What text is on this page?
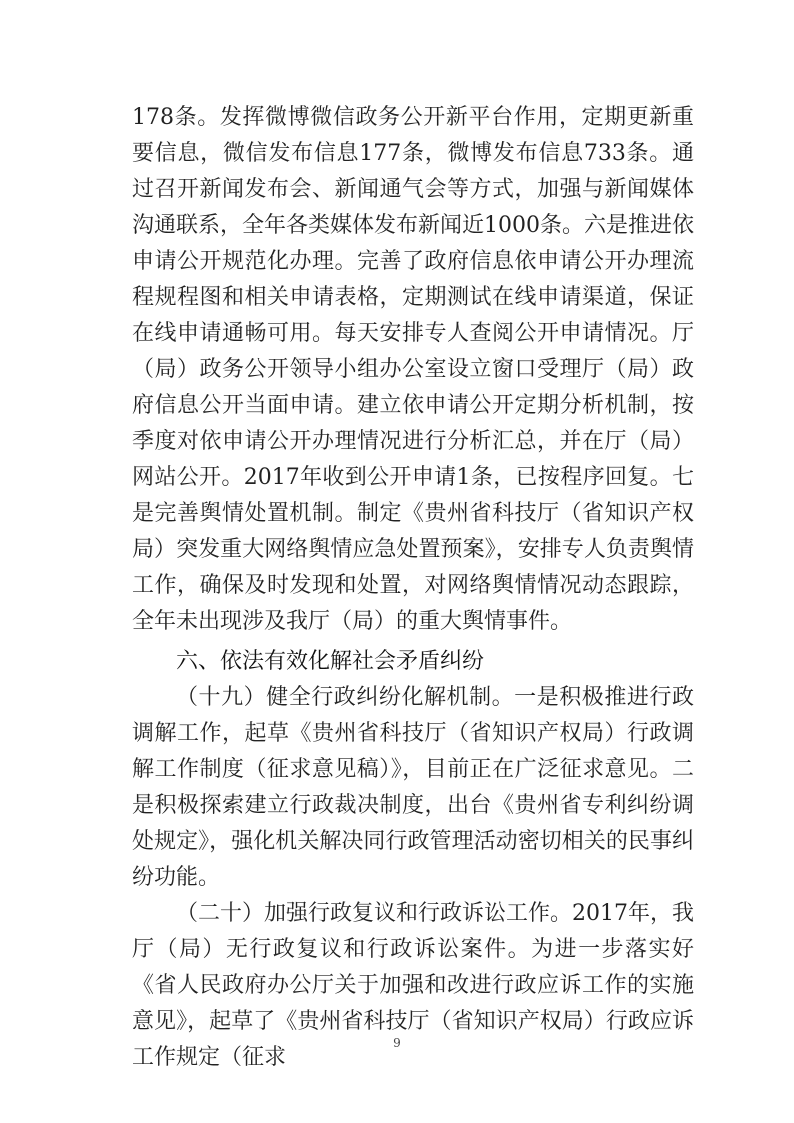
178条。发挥微博微信政务公开新平台作用，定期更新重要信息，微信发布信息177条，微博发布信息733条。通过召开新闻发布会、新闻通气会等方式，加强与新闻媒体沟通联系，全年各类媒体发布新闻近1000条。六是推进依申请公开规范化办理。完善了政府信息依申请公开办理流程规程图和相关申请表格，定期测试在线申请渠道，保证在线申请通畅可用。每天安排专人查阅公开申请情况。厅（局）政务公开领导小组办公室设立窗口受理厅（局）政府信息公开当面申请。建立依申请公开定期分析机制，按季度对依申请公开办理情况进行分析汇总，并在厅（局）网站公开。2017年收到公开申请1条，已按程序回复。七是完善舆情处置机制。制定《贵州省科技厅（省知识产权局）突发重大网络舆情应急处置预案》，安排专人负责舆情工作，确保及时发现和处置，对网络舆情情况动态跟踪，全年未出现涉及我厅（局）的重大舆情事件。

六、依法有效化解社会矛盾纠纷

（十九）健全行政纠纷化解机制。一是积极推进行政调解工作，起草《贵州省科技厅（省知识产权局）行政调解工作制度（征求意见稿）》，目前正在广泛征求意见。二是积极探索建立行政裁决制度，出台《贵州省专利纠纷调处规定》，强化机关解决同行政管理活动密切相关的民事纠纷功能。

（二十）加强行政复议和行政诉讼工作。2017年，我厅（局）无行政复议和行政诉讼案件。为进一步落实好《省人民政府办公厅关于加强和改进行政应诉工作的实施意见》，起草了《贵州省科技厅（省知识产权局）行政应诉工作规定（征求

9
